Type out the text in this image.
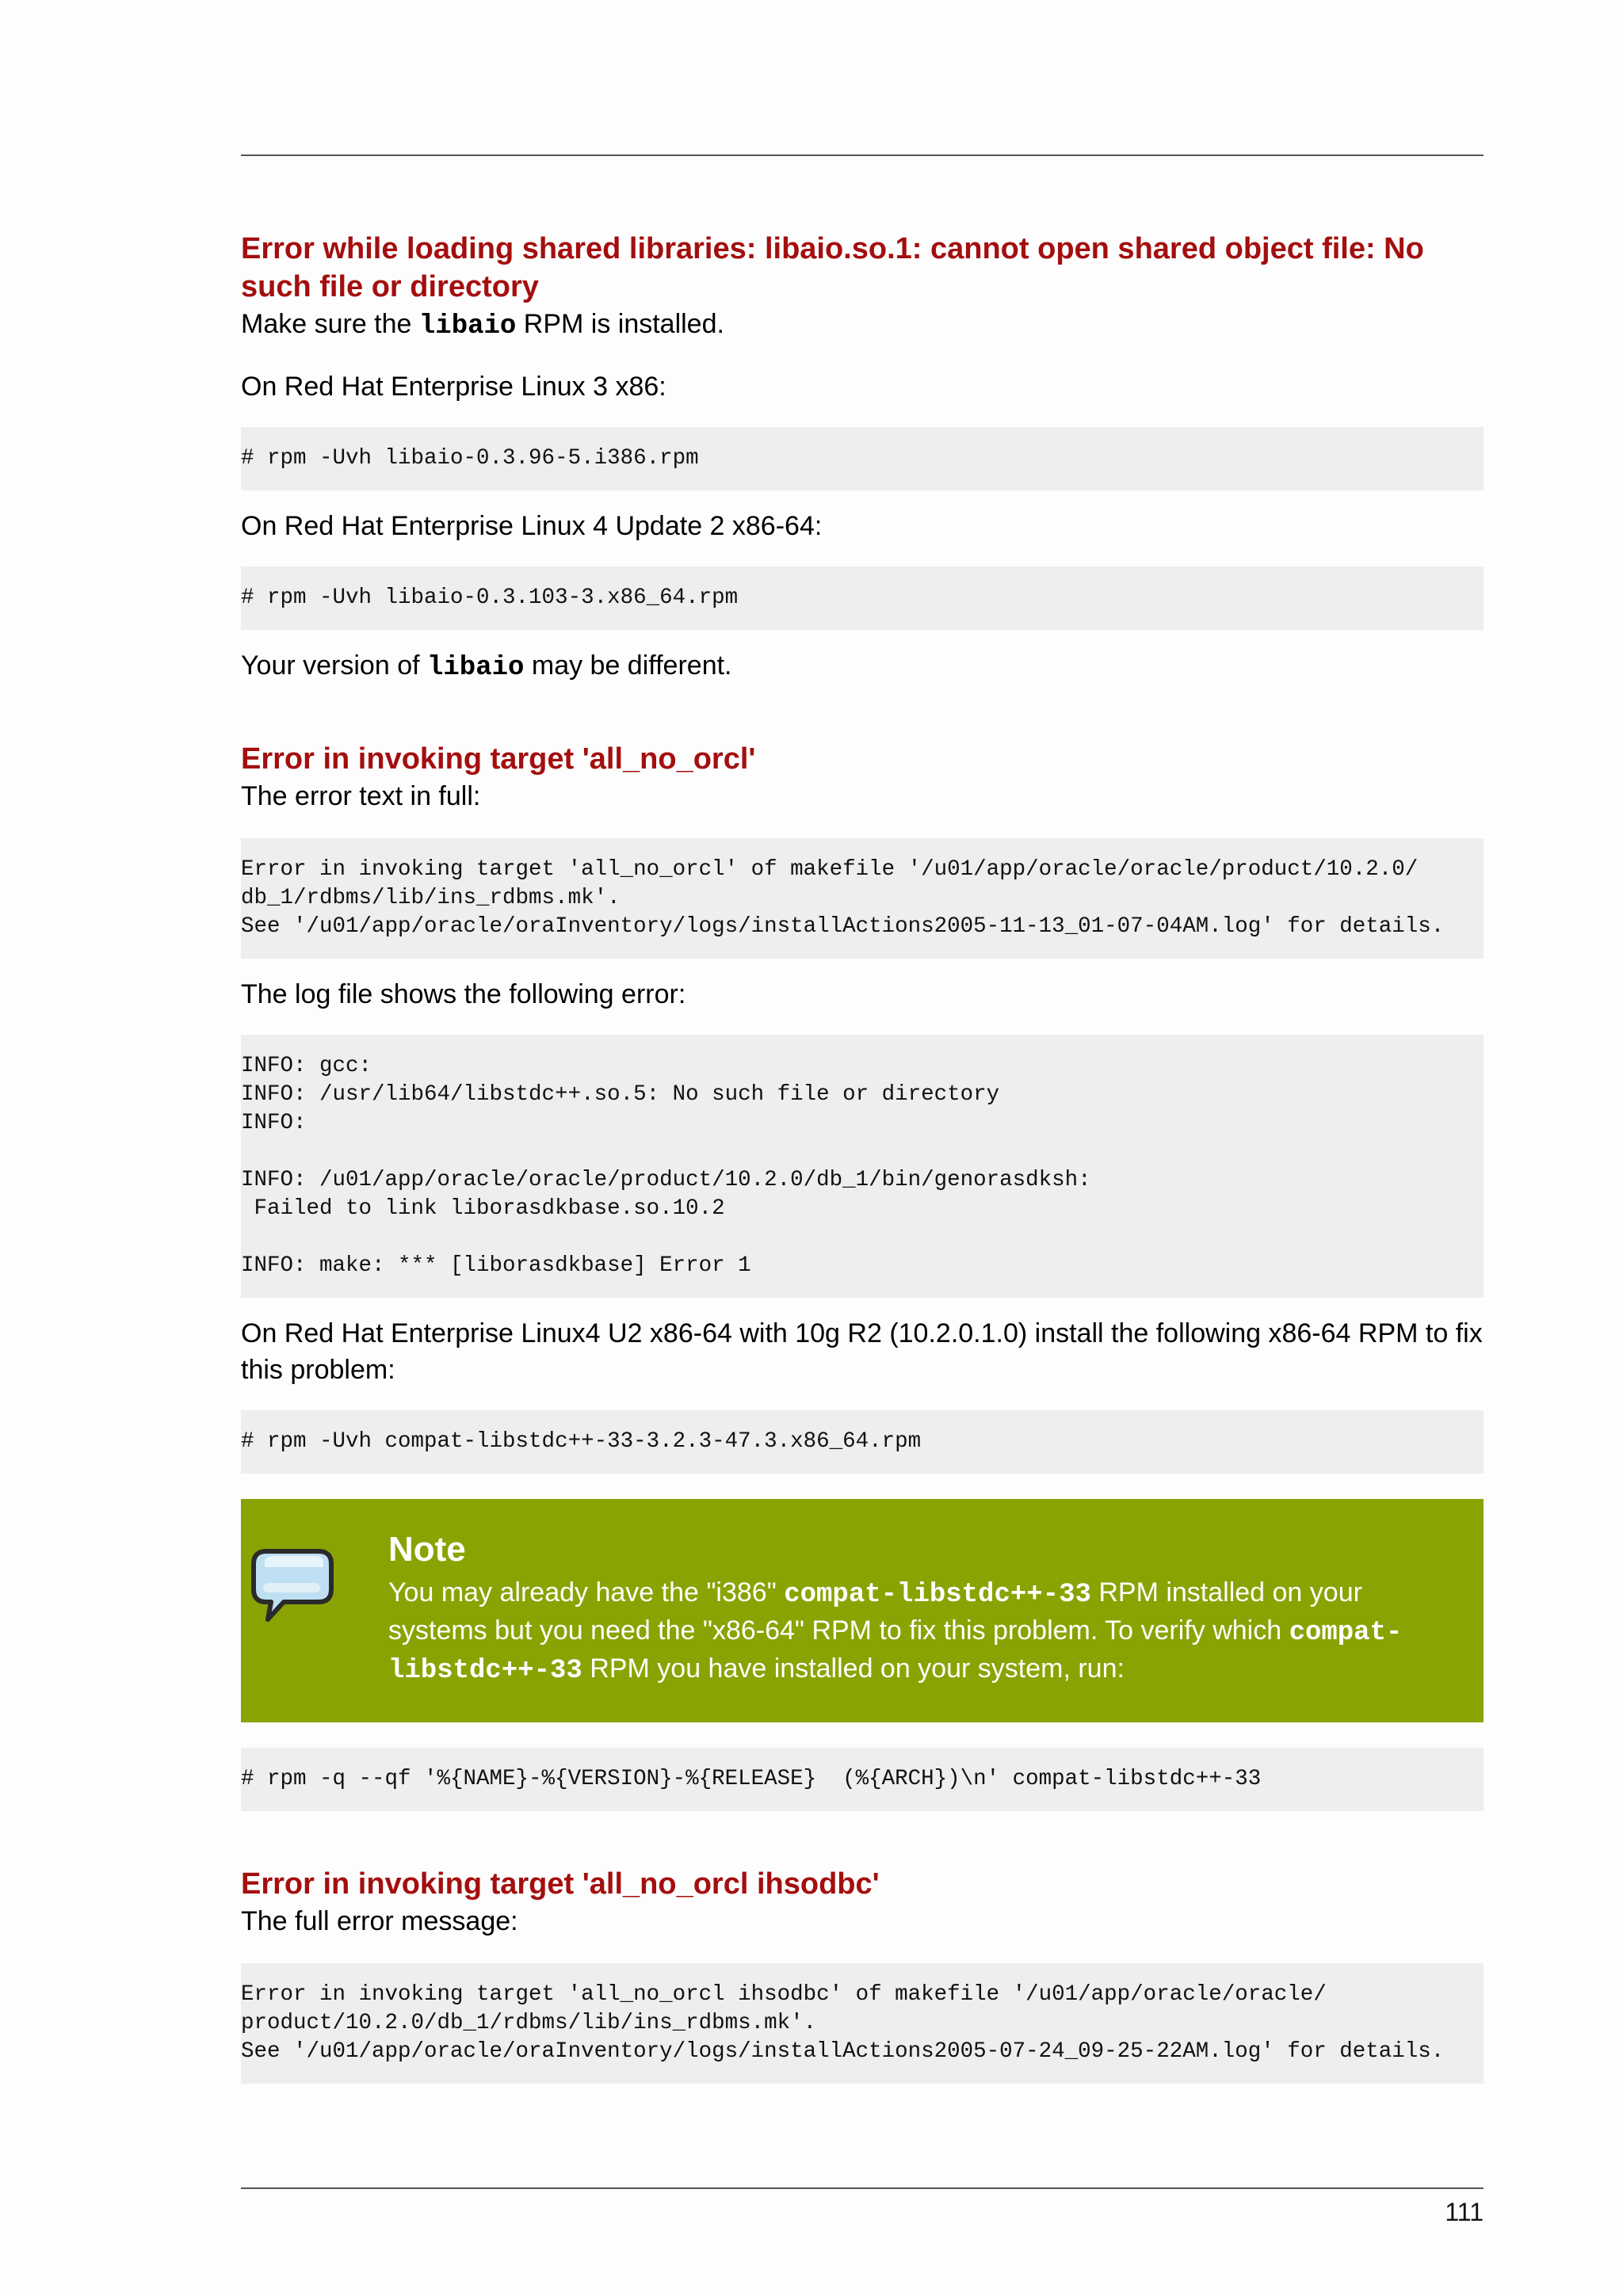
Error while loading shared libraries: libaio.so.1: cannot open shared object file: No such file or directory

Make sure the libaio RPM is installed.

On Red Hat Enterprise Linux 3 x86:

# rpm -Uvh libaio-0.3.96-5.i386.rpm

On Red Hat Enterprise Linux 4 Update 2 x86-64:

# rpm -Uvh libaio-0.3.103-3.x86_64.rpm

Your version of libaio may be different.

Error in invoking target 'all_no_orcl'

The error text in full:

Error in invoking target 'all_no_orcl' of makefile '/u01/app/oracle/oracle/product/10.2.0/
db_1/rdbms/lib/ins_rdbms.mk'.
See '/u01/app/oracle/oraInventory/logs/installActions2005-11-13_01-07-04AM.log' for details.

The log file shows the following error:

INFO: gcc:
INFO: /usr/lib64/libstdc++.so.5: No such file or directory
INFO:

INFO: /u01/app/oracle/oracle/product/10.2.0/db_1/bin/genorasdksh:
Failed to link liborasdkbase.so.10.2

INFO: make: *** [liborasdkbase] Error 1

On Red Hat Enterprise Linux4 U2 x86-64 with 10g R2 (10.2.0.1.0) install the following x86-64 RPM to fix this problem:

# rpm -Uvh compat-libstdc++-33-3.2.3-47.3.x86_64.rpm
Note
You may already have the "i386" compat-libstdc++-33 RPM installed on your systems but you need the "x86-64" RPM to fix this problem. To verify which compat-libstdc++-33 RPM you have installed on your system, run:
# rpm -q --qf '%{NAME}-%{VERSION}-%{RELEASE}  (%{ARCH})\n' compat-libstdc++-33
Error in invoking target 'all_no_orcl ihsodbc'

The full error message:

Error in invoking target 'all_no_orcl ihsodbc' of makefile '/u01/app/oracle/oracle/
product/10.2.0/db_1/rdbms/lib/ins_rdbms.mk'.
See '/u01/app/oracle/oraInventory/logs/installActions2005-07-24_09-25-22AM.log' for details.
111
